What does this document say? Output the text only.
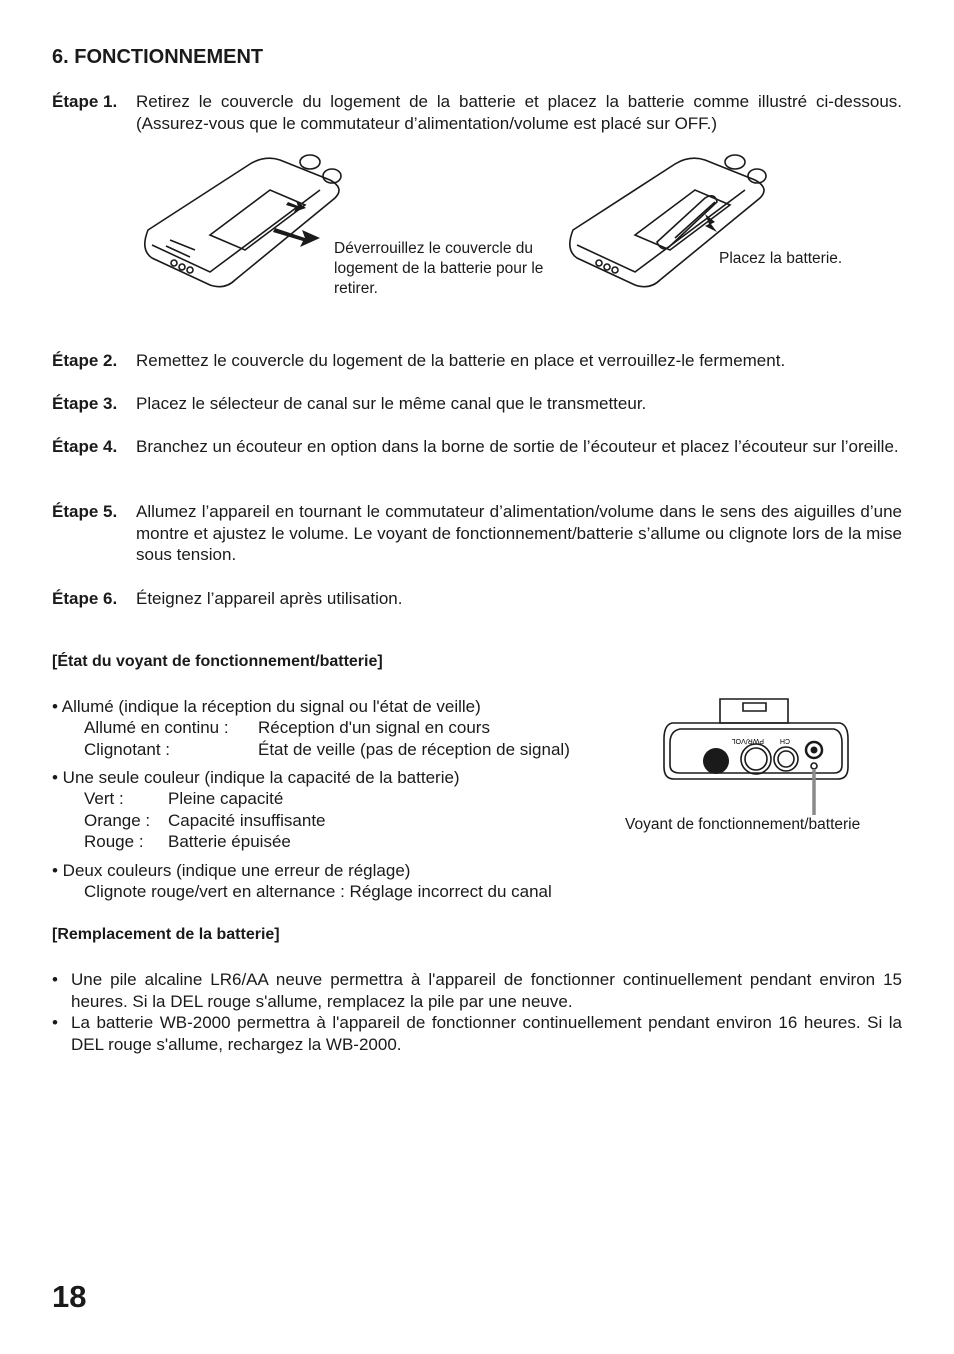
6. FONCTIONNEMENT
Étape 1. Retirez le couvercle du logement de la batterie et placez la batterie comme illustré ci-dessous. (Assurez-vous que le commutateur d’alimentation/volume est placé sur OFF.)
Déverrouillez le couvercle du logement de la batterie pour le retirer.
Placez la batterie.
Étape 2. Remettez le couvercle du logement de la batterie en place et verrouillez-le fermement.
Étape 3. Placez le sélecteur de canal sur le même canal que le transmetteur.
Étape 4. Branchez un écouteur en option dans la borne de sortie de l’écouteur et placez l’écouteur sur l’oreille.
Étape 5. Allumez l’appareil en tournant le commutateur d’alimentation/volume dans le sens des aiguilles d’une montre et ajustez le volume. Le voyant de fonctionnement/batterie s’allume ou clignote lors de la mise sous tension.
Étape 6. Éteignez l’appareil après utilisation.
[État du voyant de fonctionnement/batterie]
• Allumé (indique la réception du signal ou l'état de veille)
Allumé en continu :	Réception d'un signal en cours
Clignotant :	État de veille (pas de réception de signal)
• Une seule couleur (indique la capacité de la batterie)
Vert :	Pleine capacité
Orange :	Capacité insuffisante
Rouge :	Batterie épuisée
• Deux couleurs (indique une erreur de réglage)
Clignote rouge/vert en alternance : Réglage incorrect du canal
PWR/VOL CH
Voyant de fonctionnement/batterie
[Remplacement de la batterie]
• Une pile alcaline LR6/AA neuve permettra à l'appareil de fonctionner continuellement pendant environ 15 heures. Si la DEL rouge s'allume, remplacez la pile par une neuve.
• La batterie WB-2000 permettra à l'appareil de fonctionner continuellement pendant environ 16 heures. Si la DEL rouge s'allume, rechargez la WB-2000.
18
